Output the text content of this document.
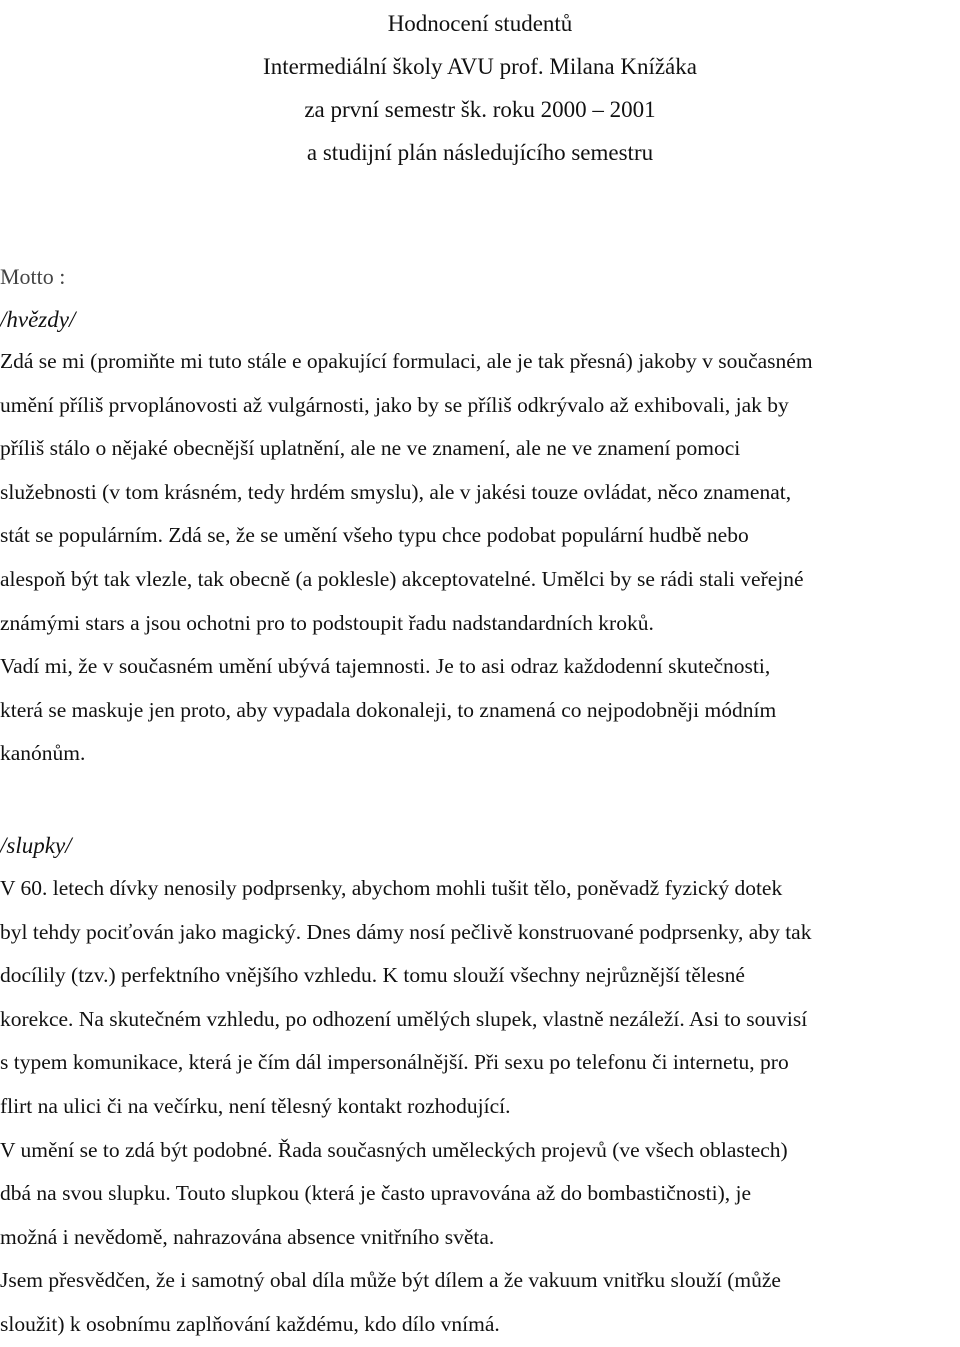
Hodnocení studentů
Intermediální školy AVU prof. Milana Knížáka
za první semestr šk. roku 2000 – 2001
a studijní plán následujícího semestru
Motto :
/hvězdy/
Zdá se mi (promiňte mi tuto stále e opakující formulaci, ale je tak přesná) jakoby v současném
umění příliš prvoplánovosti až vulgárnosti, jako by se příliš odkrývalo až exhibovali, jak by
příliš stálo o nějaké obecnější uplatnění, ale ne ve znamení, ale ne ve znamení pomoci
služebnosti (v tom krásném, tedy hrdém smyslu), ale v jakési touze ovládat, něco znamenat,
stát se populárním. Zdá se, že se umění všeho typu chce podobat populární hudbě nebo
alespoň být tak vlezle, tak obecně (a poklesle) akceptovatelné. Umělci by se rádi stali veřejné
známými stars a jsou ochotni pro to podstoupit řadu nadstandardních kroků.
Vadí mi, že v současném umění ubývá tajemnosti. Je to asi odraz každodenní skutečnosti,
která se maskuje jen proto, aby vypadala dokonaleji, to znamená co nejpodobněji módním
kanónům.
/slupky/
V 60. letech dívky nenosily podprsenky, abychom mohli tušit tělo, poněvadž fyzický dotek
byl tehdy pociťován jako magický. Dnes dámy nosí pečlivě konstruované podprsenky, aby tak
docílily (tzv.) perfektního vnějšího vzhledu. K tomu slouží všechny nejrůznější tělesné
korekce. Na skutečném vzhledu, po odhození umělých slupek, vlastně nezáleží. Asi to souvisí
s typem komunikace, která je čím dál impersonálnější. Při sexu po telefonu či internetu, pro
flirt na ulici či na večírku, není tělesný kontakt rozhodující.
V umění se to zdá být podobné. Řada současných uměleckých projevů (ve všech oblastech)
dbá na svou slupku. Touto slupkou (která je často upravována až do bombastičnosti), je
možná i nevědomě, nahrazována absence vnitřního světa.
Jsem přesvědčen, že i samotný obal díla může být dílem a že vakuum vnitřku slouží (může
sloužit) k osobnímu zaplňování každému, kdo dílo vnímá.
